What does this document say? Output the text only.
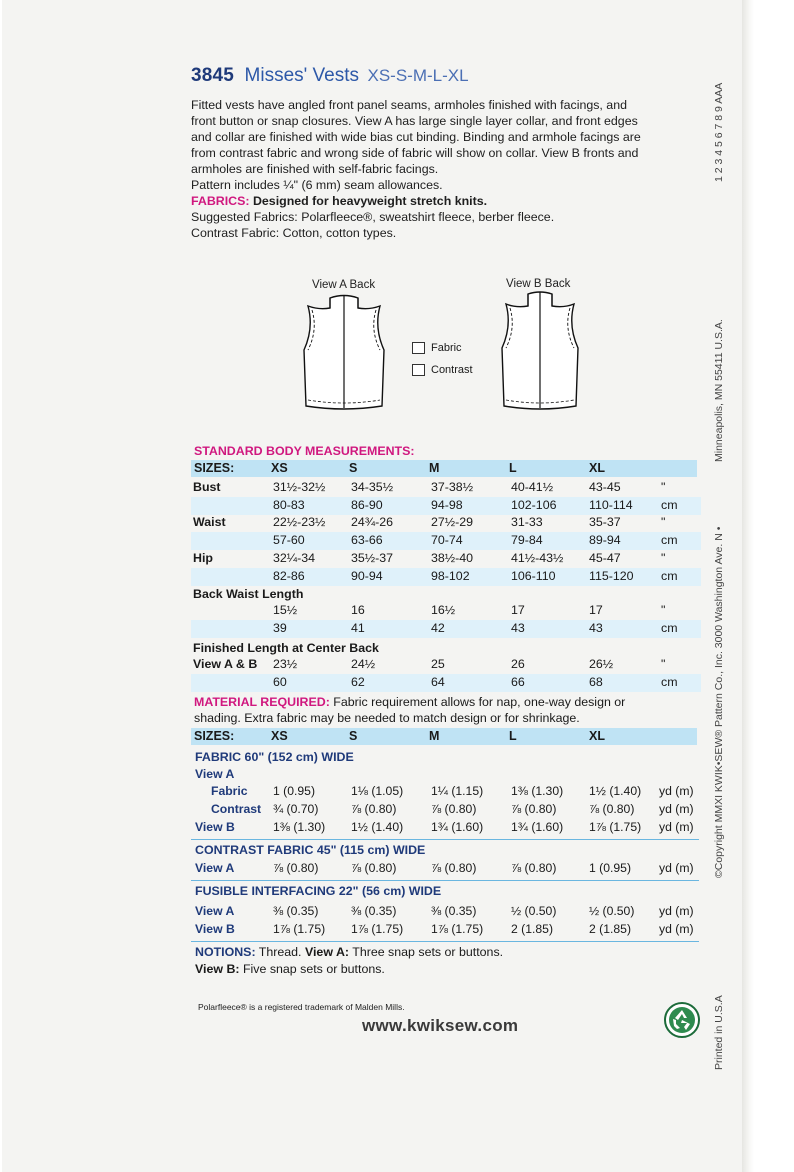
3845 Misses' Vests XS-S-M-L-XL

Fitted vests have angled front panel seams, armholes finished with facings, and

front button or snap closures. View A has large single layer collar, and front edges

and collar are finished with wide bias cut binding. Binding and armhole facings are

from contrast fabric and wrong side of fabric will show on collar. View B fronts and

armholes are finished with self-fabric facings.

Pattern includes ¼" (6 mm) seam allowances.

FABRICS: Designed for heavyweight stretch knits.

Suggested Fabrics: Polarfleece®, sweatshirt fleece, berber fleece.

Contrast Fabric: Cotton, cotton types.

View A Back	View B Back
Fabric
Contrast
STANDARD BODY MEASUREMENTS:
SIZES:	XS	S	M	L	XL
Bust	31½-32½ 34-35½	37-38½	40-41½	43-45	"
80-83	86-90	94-98	102-106	110-114 cm
Waist	22½-23½ 24¾-26	27½-29	31-33	35-37	"
57-60	63-66	70-74	79-84	89-94	cm
Hip	32¼-34	35½-37	38½-40	41½-43½ 45-47	"
82-86	90-94	98-102	106-110	115-120 cm
Back Waist Length
15½	16	16½	17	17	"
39	41	42	43	43	cm
Finished Length at Center Back
View A & B 23½	24½	25	26	26½	"
60	62	64	66	68	cm
MATERIAL REQUIRED: Fabric requirement allows for nap, one-way design or
shading. Extra fabric may be needed to match design or for shrinkage.
SIZES:	XS	S	M	L	XL
FABRIC 60" (152 cm) WIDE
View A
Fabric 1 (0.95)	1⅛ (1.05) 1¼ (1.15) 1⅜ (1.30) 1½ (1.40) yd (m)
Contrast ¾ (0.70)	⅞ (0.80)	⅞ (0.80)	⅞ (0.80)	⅞ (0.80) yd (m)
View B	1⅜ (1.30) 1½ (1.40) 1¾ (1.60) 1¾ (1.60) 1⅞ (1.75) yd (m)
CONTRAST FABRIC 45" (115 cm) WIDE
View A	⅞ (0.80)	⅞ (0.80)	⅞ (0.80)	⅞ (0.80)	1 (0.95) yd (m)
FUSIBLE INTERFACING 22" (56 cm) WIDE
View A	⅜ (0.35)	⅜ (0.35)	⅜ (0.35)	½ (0.50)	½ (0.50) yd (m)
View B	1⅞ (1.75) 1⅞ (1.75) 1⅞ (1.75) 2 (1.85)	2 (1.85) yd (m)
NOTIONS: Thread. View A: Three snap sets or buttons.
View B: Five snap sets or buttons.
Polarfleece® is a registered trademark of Malden Mills.
www.kwiksew.com
1 2 3 4 5 6 7 8 9 AAA
Minneapolis, MN 55411 U.S.A.
©Copyright MMXI KWIK•SEW® Pattern Co., Inc. 3000 Washington Ave. N •
Printed in U.S.A
